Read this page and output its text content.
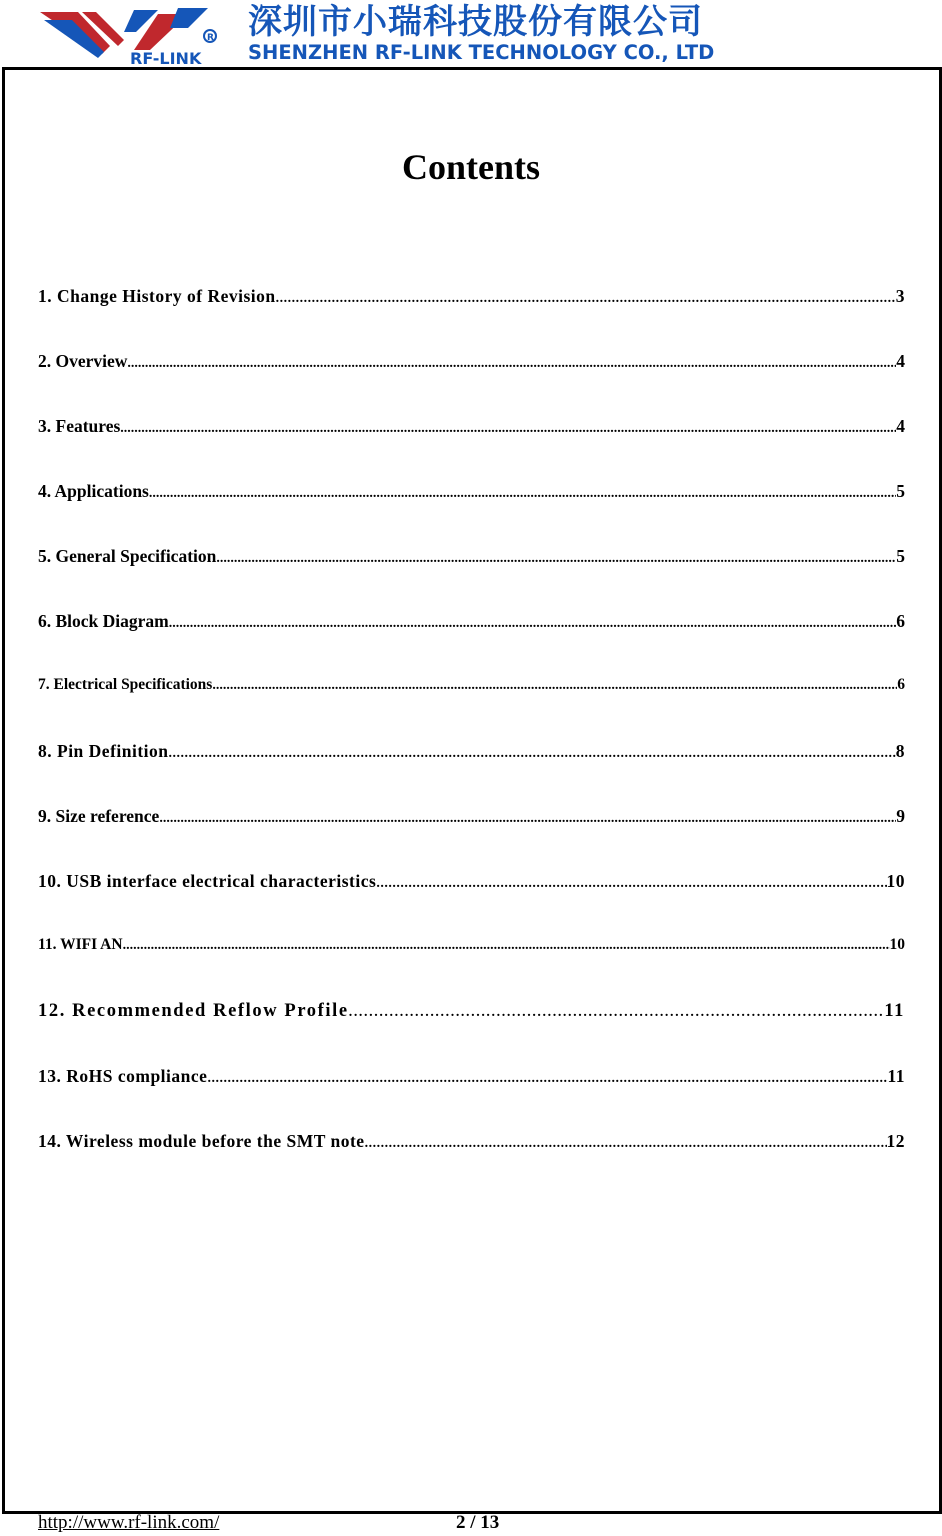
R
RF-LINK
深圳市小瑞科技股份有限公司
SHENZHEN RF-LINK TECHNOLOGY CO., LTD
Contents
1. Change History of Revision .....	3
2. Overview .....	4
3. Features .....	4
4. Applications .....	5
5. General Specification .....	5
6. Block Diagram .....	6
7. Electrical Specifications .....	6
8. Pin Definition .....	8
9. Size reference .....	9
10. USB interface electrical characteristics .....	10
11. WIFI AN .....	10
12. Recommended Reflow Profile .....	11
13. RoHS compliance .....	11
14. Wireless module before the SMT note .....	12
http://www.rf-link.com/	2 / 13
